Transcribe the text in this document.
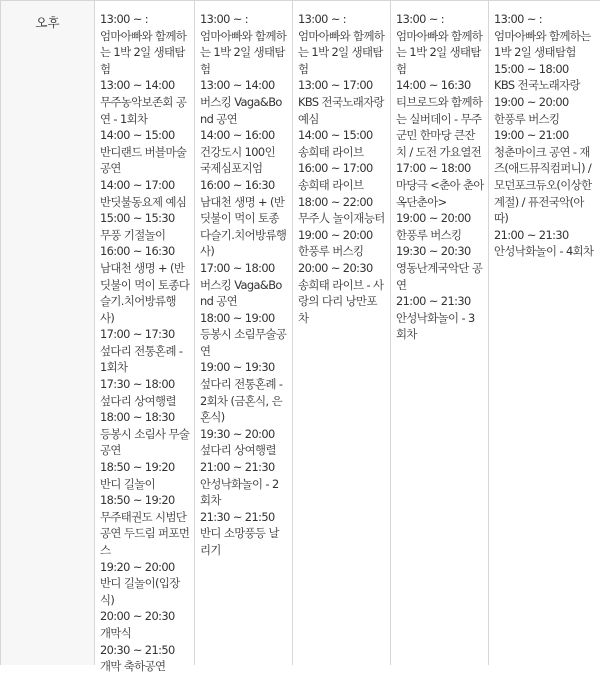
오후	13:00 ~ :
엄마아빠와 함께하는 1박 2일 생태탐험
13:00 ~ 14:00
무주농악보존회 공연 - 1회차
14:00 ~ 15:00
반디랜드 버블마술공연
14:00 ~ 17:00
반딧불동요제 예심
15:00 ~ 15:30
무풍 기절놀이
16:00 ~ 16:30
남대천 생명 + (반딧불이 먹이 토종다슬기.치어방류행사)
17:00 ~ 17:30
섶다리 전통혼례 - 1회차
17:30 ~ 18:00
섶다리 상여행렬
18:00 ~ 18:30
등봉시 소림사 무술공연
18:50 ~ 19:20
반디 길놀이
18:50 ~ 19:20
무주태권도 시범단 공연 두드림 퍼포먼스
19:20 ~ 20:00
반디 길놀이(입장식)
20:00 ~ 20:30
개막식
20:30 ~ 21:50
개막 축하공연
13:00 ~ :
엄마아빠와 함께하는 1박 2일 생태탐험
13:00 ~ 14:00
버스킹 Vaga&Bond 공연
14:00 ~ 16:00
건강도시 100인 국제심포지엄
16:00 ~ 16:30
남대천 생명 + (반딧불이 먹이 토종다슬기.치어방류행사)
17:00 ~ 18:00
버스킹 Vaga&Bond 공연
18:00 ~ 19:00
등봉시 소림무술공연
19:00 ~ 19:30
섶다리 전통혼례 - 2회차 (금혼식, 은혼식)
19:30 ~ 20:00
섶다리 상여행렬
21:00 ~ 21:30
안성낙화놀이 - 2회차
21:30 ~ 21:50
반디 소망풍등 날리기
13:00 ~ :
엄마아빠와 함께하는 1박 2일 생태탐험
13:00 ~ 17:00
KBS 전국노래자랑 예심
14:00 ~ 15:00
송희태 라이브
16:00 ~ 17:00
송희태 라이브
18:00 ~ 22:00
무주人 놀이재능터
19:00 ~ 20:00
한풍루 버스킹
20:00 ~ 20:30
송희태 라이브 - 사랑의 다리 낭만포차
13:00 ~ :
엄마아빠와 함께하는 1박 2일 생태탐험
14:00 ~ 16:30
티브로드와 함께하는 실버데이 - 무주군민 한마당 큰잔치 / 도전 가요열전
17:00 ~ 18:00
마당극 <춘아 춘아 옥단춘아>
19:00 ~ 20:00
한풍루 버스킹
19:30 ~ 20:30
영동난계국악단 공연
21:00 ~ 21:30
안성낙화놀이 - 3회차
13:00 ~ :
엄마아빠와 함께하는 1박 2일 생태탐험
15:00 ~ 18:00
KBS 전국노래자랑
19:00 ~ 20:00
한풍루 버스킹
19:00 ~ 21:00
청춘마이크 공연 - 재즈(애드뮤직컴퍼니) / 모던포크듀오(이상한 계절) / 퓨전국악(아따)
21:00 ~ 21:30
안성낙화놀이 - 4회차
